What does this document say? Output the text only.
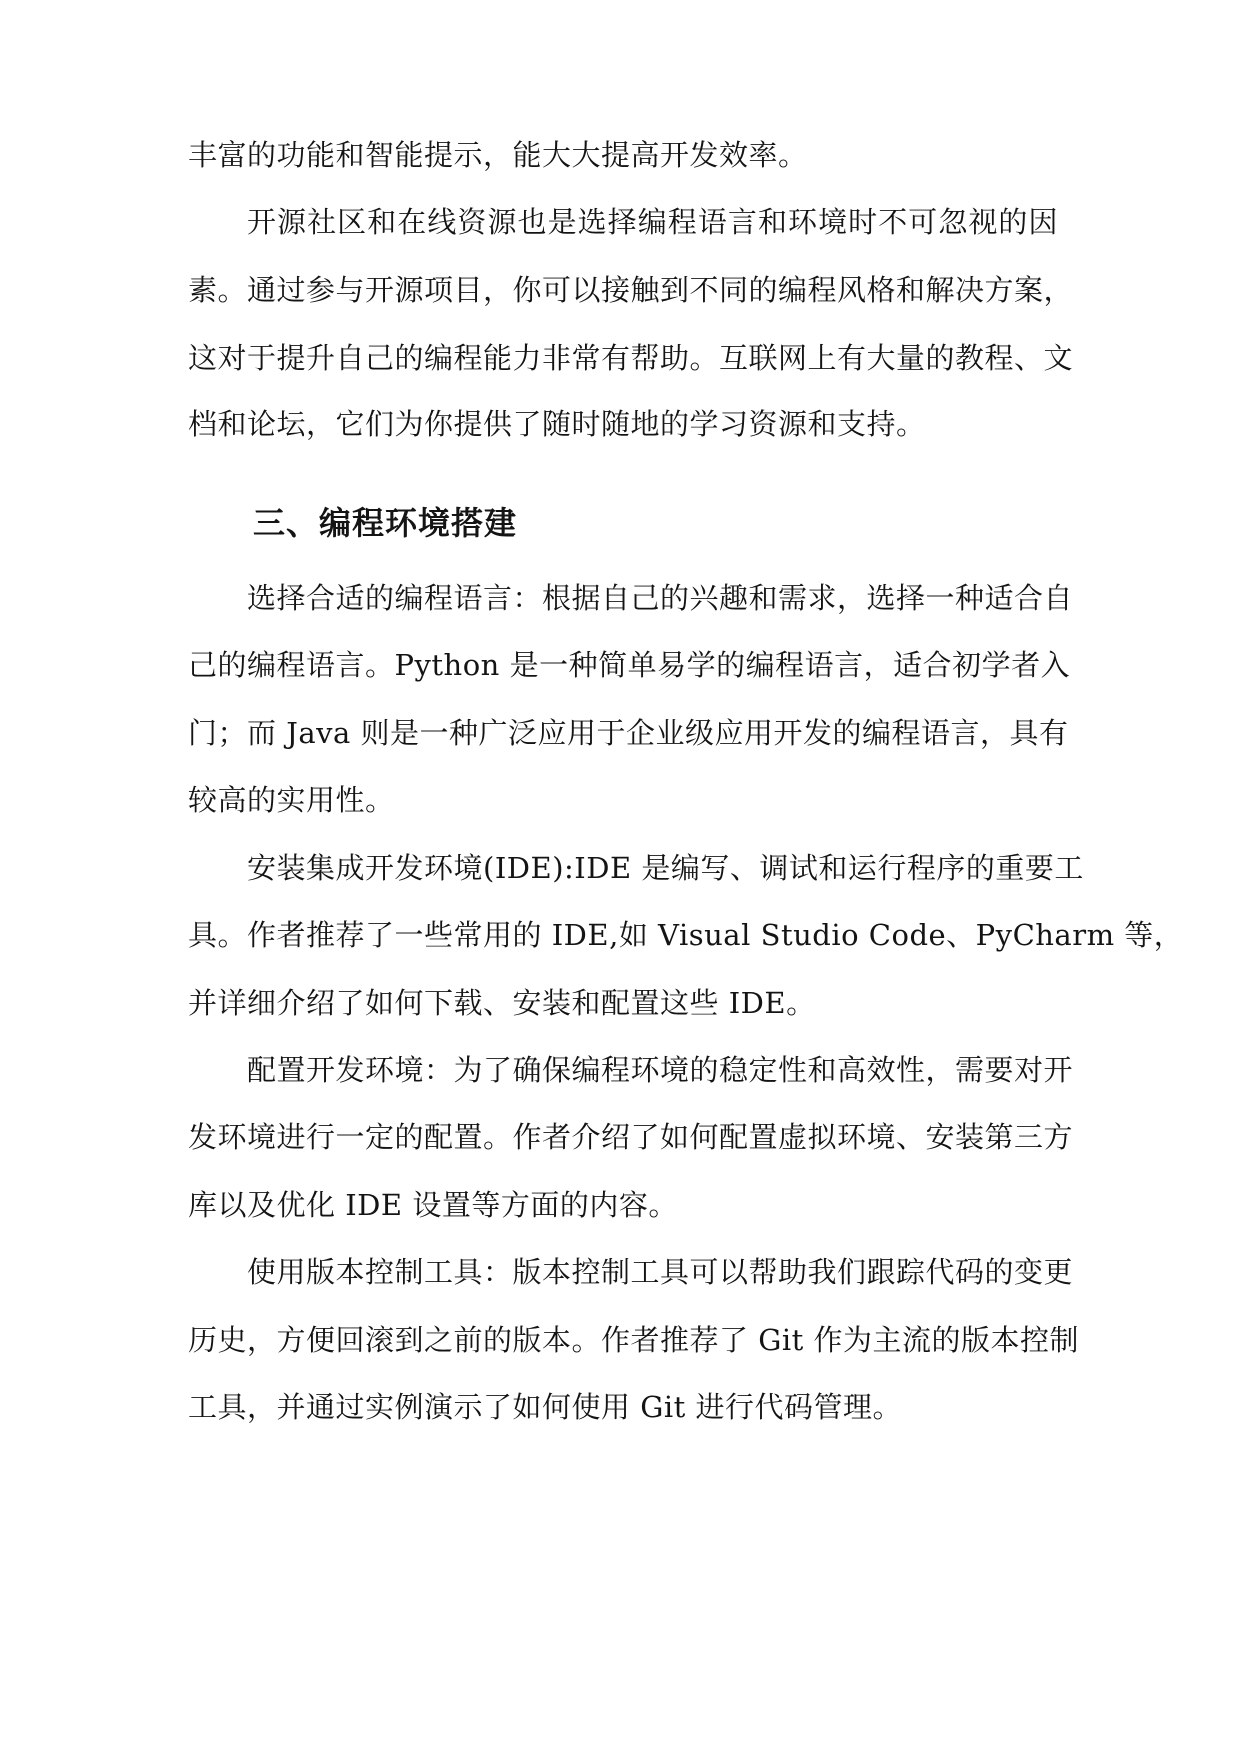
丰富的功能和智能提示，能大大提高开发效率。
开源社区和在线资源也是选择编程语言和环境时不可忽视的因
素。通过参与开源项目，你可以接触到不同的编程风格和解决方案，
这对于提升自己的编程能力非常有帮助。互联网上有大量的教程、文
档和论坛，它们为你提供了随时随地的学习资源和支持。
三、编程环境搭建
选择合适的编程语言：根据自己的兴趣和需求，选择一种适合自
己的编程语言。Python 是一种简单易学的编程语言，适合初学者入
门；而 Java 则是一种广泛应用于企业级应用开发的编程语言，具有
较高的实用性。
安装集成开发环境(IDE):IDE 是编写、调试和运行程序的重要工
具。作者推荐了一些常用的 IDE,如 Visual Studio Code、PyCharm 等，
并详细介绍了如何下载、安装和配置这些 IDE。
配置开发环境：为了确保编程环境的稳定性和高效性，需要对开
发环境进行一定的配置。作者介绍了如何配置虚拟环境、安装第三方
库以及优化 IDE 设置等方面的内容。
使用版本控制工具：版本控制工具可以帮助我们跟踪代码的变更
历史，方便回滚到之前的版本。作者推荐了 Git 作为主流的版本控制
工具，并通过实例演示了如何使用 Git 进行代码管理。
